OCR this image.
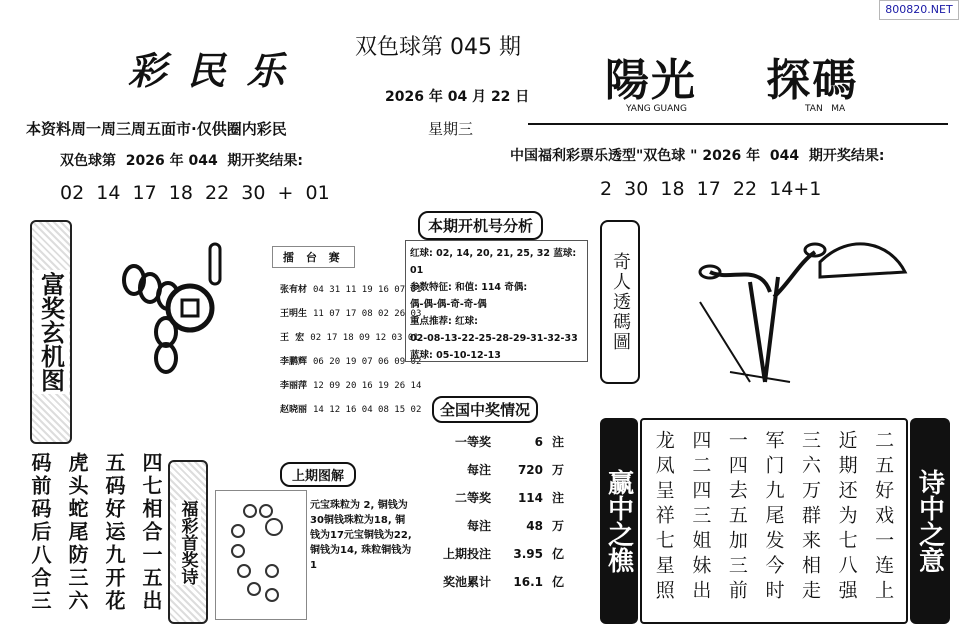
800820.NET
彩 民 乐
双色球第 045 期
2026 年 04 月 22 日
星期三
陽光    探碼
YANG GUANG	TAN   MA
本资料周一周三周五面市·仅供圈内彩民
双色球第  2026 年 044  期开奖结果:
02  14  17  18  22  30  +  01
中国福利彩票乐透型"双色球 " 2026 年  044  期开奖结果:
2  30  18  17  22  14+1
富奖玄机图
擂 台 赛
张有材 04 31 11 19 16 07 01
王明生 11 07 17 08 02 26 03
王  宏 02 17 18 09 12 03 01
李鹏辉 06 20 19 07 06 09 02
李丽萍 12 09 20 16 19 26 14
赵晓丽 14 12 16 04 08 15 02
本期开机号分析
红球: 02, 14, 20, 21, 25, 32 蓝球: 01
参数特征: 和值: 114 奇偶:
偶-偶-偶-奇-奇-偶
重点推荐: 红球:
02-08-13-22-25-28-29-31-32-33
蓝球: 05-10-12-13
奇人透碼圖
四七相合一五出
五码好运九开花
虎头蛇尾防三六
码前码后八合三	福彩首奖诗
上期图解
元宝珠粒为 2, 铜钱为30铜钱珠粒为18, 铜钱为17元宝铜钱为22, 铜钱为14, 珠粒铜钱为1
全国中奖情况
一等奖	6 注
每注	720 万
二等奖	114 注
每注	48 万
上期投注	3.95 亿
奖池累计	16.1 亿
赢中之樵	诗中之意
二五好戏一连上
近期还为七八强
三六万群来相走
军门九尾发今时
一四去五加三前
四二四三姐妹出
龙凤呈祥七星照
